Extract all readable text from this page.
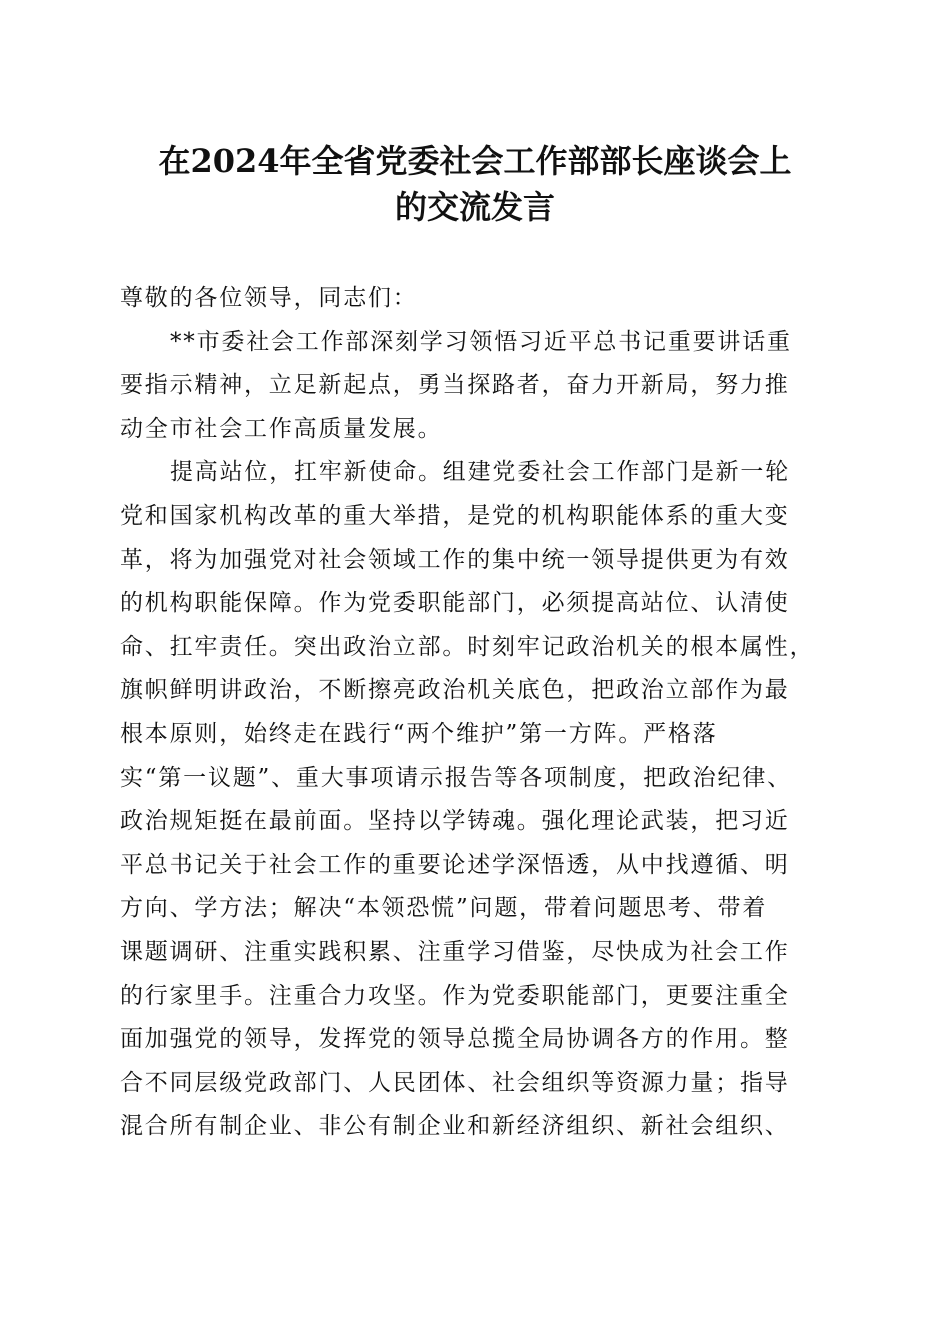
在2024年全省党委社会工作部部长座谈会上
的交流发言
尊敬的各位领导，同志们：
**市委社会工作部深刻学习领悟习近平总书记重要讲话重
要指示精神，立足新起点，勇当探路者，奋力开新局，努力推
动全市社会工作高质量发展。
提高站位，扛牢新使命。组建党委社会工作部门是新一轮
党和国家机构改革的重大举措，是党的机构职能体系的重大变
革，将为加强党对社会领域工作的集中统一领导提供更为有效
的机构职能保障。作为党委职能部门，必须提高站位、认清使
命、扛牢责任。突出政治立部。时刻牢记政治机关的根本属性，
旗帜鲜明讲政治，不断擦亮政治机关底色，把政治立部作为最
根本原则，始终走在践行“两个维护”第一方阵。严格落
实“第一议题”、重大事项请示报告等各项制度，把政治纪律、
政治规矩挺在最前面。坚持以学铸魂。强化理论武装，把习近
平总书记关于社会工作的重要论述学深悟透，从中找遵循、明
方向、学方法；解决“本领恐慌”问题，带着问题思考、带着
课题调研、注重实践积累、注重学习借鉴，尽快成为社会工作
的行家里手。注重合力攻坚。作为党委职能部门，更要注重全
面加强党的领导，发挥党的领导总揽全局协调各方的作用。整
合不同层级党政部门、人民团体、社会组织等资源力量；指导
混合所有制企业、非公有制企业和新经济组织、新社会组织、
